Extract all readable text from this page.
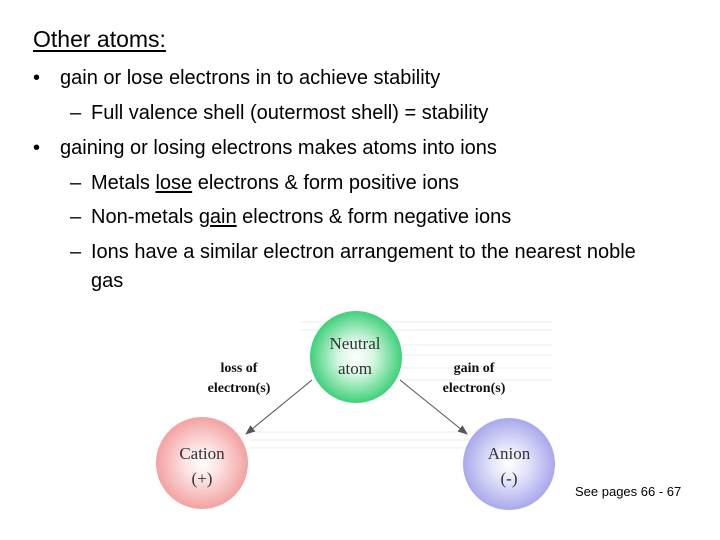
Other atoms:
• gain or lose electrons in to achieve stability
– Full valence shell (outermost shell) = stability
• gaining or losing electrons makes atoms into ions
– Metals lose electrons & form positive ions
– Non-metals gain electrons & form negative ions
– Ions have a similar electron arrangement to the nearest noble
gas
Neutral
atom
Cation
(+)
Anion
(-)
loss of
electron(s)
gain of
electron(s)
See pages 66 - 67
